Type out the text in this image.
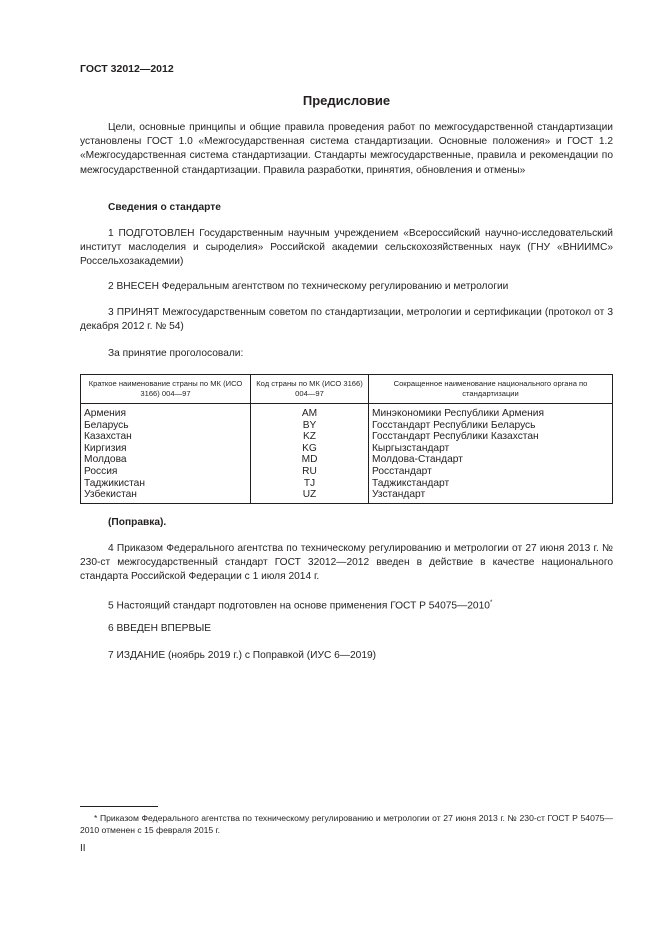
ГОСТ 32012—2012
Предисловие
Цели, основные принципы и общие правила проведения работ по межгосударственной стандартизации установлены ГОСТ 1.0 «Межгосударственная система стандартизации. Основные положения» и ГОСТ 1.2 «Межгосударственная система стандартизации. Стандарты межгосударственные, правила и рекомендации по межгосударственной стандартизации. Правила разработки, принятия, обновления и отмены»
Сведения о стандарте
1 ПОДГОТОВЛЕН Государственным научным учреждением «Всероссийский научно-исследовательский институт маслоделия и сыроделия» Российской академии сельскохозяйственных наук (ГНУ «ВНИИМС» Россельхозакадемии)
2 ВНЕСЕН Федеральным агентством по техническому регулированию и метрологии
3 ПРИНЯТ Межгосударственным советом по стандартизации, метрологии и сертификации (протокол от 3 декабря 2012 г. № 54)
За принятие проголосовали:
Краткое наименование страны по МК (ИСО 3166) 004—97	Код страны по МК (ИСО 3166) 004—97	Сокращенное наименование национального органа по стандартизации
Армения	AM	Минэкономики Республики Армения
Беларусь	BY	Госстандарт Республики Беларусь
Казахстан	KZ	Госстандарт Республики Казахстан
Киргизия	KG	Кыргызстандарт
Молдова	MD	Молдова-Стандарт
Россия	RU	Росстандарт
Таджикистан	TJ	Таджикстандарт
Узбекистан	UZ	Узстандарт
(Поправка).
4 Приказом Федерального агентства по техническому регулированию и метрологии от 27 июня 2013 г. № 230-ст межгосударственный стандарт ГОСТ 32012—2012 введен в действие в качестве национального стандарта Российской Федерации с 1 июля 2014 г.
5 Настоящий стандарт подготовлен на основе применения ГОСТ Р 54075—2010*
6 ВВЕДЕН ВПЕРВЫЕ
7 ИЗДАНИЕ (ноябрь 2019 г.) с Поправкой (ИУС 6—2019)
* Приказом Федерального агентства по техническому регулированию и метрологии от 27 июня 2013 г. № 230-ст ГОСТ Р 54075—2010 отменен с 15 февраля 2015 г.
II
